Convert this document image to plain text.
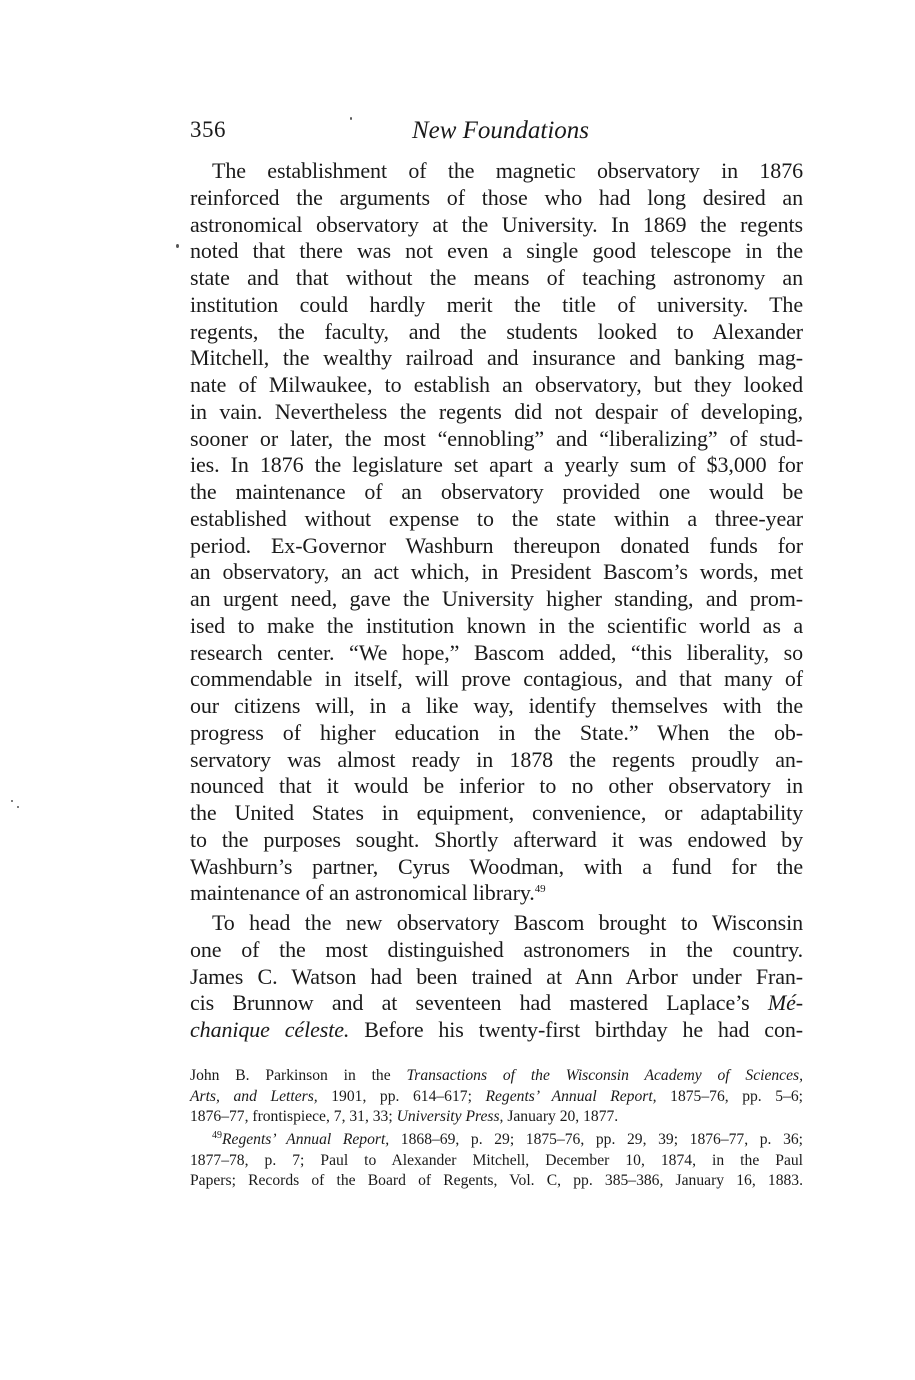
356	New Foundations
The establishment of the magnetic observatory in 1876
reinforced the arguments of those who had long desired an
astronomical observatory at the University. In 1869 the regents
noted that there was not even a single good telescope in the
state and that without the means of teaching astronomy an
institution could hardly merit the title of university. The
regents, the faculty, and the students looked to Alexander
Mitchell, the wealthy railroad and insurance and banking mag-
nate of Milwaukee, to establish an observatory, but they looked
in vain. Nevertheless the regents did not despair of developing,
sooner or later, the most “ennobling” and “liberalizing” of stud-
ies. In 1876 the legislature set apart a yearly sum of $3,000 for
the maintenance of an observatory provided one would be
established without expense to the state within a three-year
period. Ex-Governor Washburn thereupon donated funds for
an observatory, an act which, in President Bascom’s words, met
an urgent need, gave the University higher standing, and prom-
ised to make the institution known in the scientific world as a
research center. “We hope,” Bascom added, “this liberality, so
commendable in itself, will prove contagious, and that many of
our citizens will, in a like way, identify themselves with the
progress of higher education in the State.” When the ob-
servatory was almost ready in 1878 the regents proudly an-
nounced that it would be inferior to no other observatory in
the United States in equipment, convenience, or adaptability
to the purposes sought. Shortly afterward it was endowed by
Washburn’s partner, Cyrus Woodman, with a fund for the
maintenance of an astronomical library.$^{49}$
To head the new observatory Bascom brought to Wisconsin
one of the most distinguished astronomers in the country.
James C. Watson had been trained at Ann Arbor under Fran-
cis Brunnow and at seventeen had mastered Laplace’s Mé-
chanique céleste. Before his twenty-first birthday he had con-
John B. Parkinson in the Transactions of the Wisconsin Academy of Sciences,
Arts, and Letters, 1901, pp. 614–617; Regents’ Annual Report, 1875–76, pp. 5–6;
1876–77, frontispiece, 7, 31, 33; University Press, January 20, 1877.
$^{49}$Regents’ Annual Report, 1868–69, p. 29; 1875–76, pp. 29, 39; 1876–77, p. 36;
1877–78, p. 7; Paul to Alexander Mitchell, December 10, 1874, in the Paul
Papers; Records of the Board of Regents, Vol. C, pp. 385–386, January 16, 1883.
